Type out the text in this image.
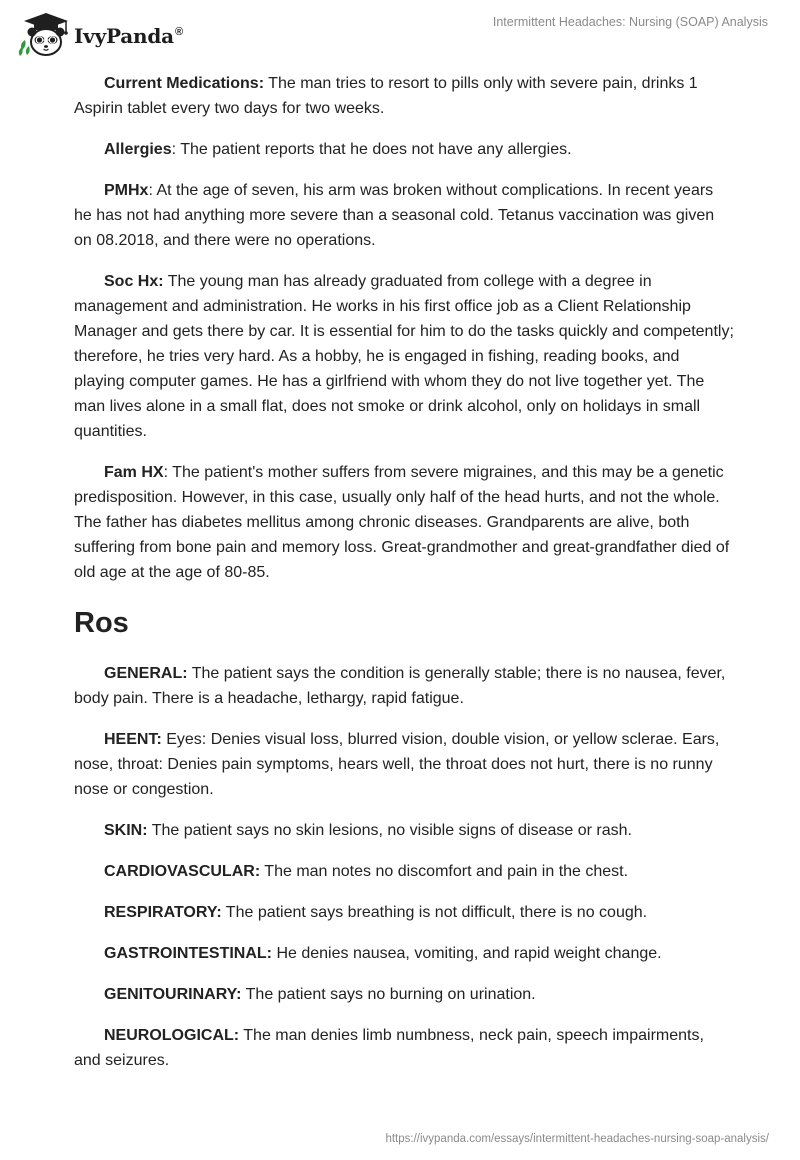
IvyPanda®
Intermittent Headaches: Nursing (SOAP) Analysis

Current Medications: The man tries to resort to pills only with severe pain, drinks 1 Aspirin tablet every two days for two weeks.

Allergies: The patient reports that he does not have any allergies.

PMHx: At the age of seven, his arm was broken without complications. In recent years he has not had anything more severe than a seasonal cold. Tetanus vaccination was given on 08.2018, and there were no operations.

Soc Hx: The young man has already graduated from college with a degree in management and administration. He works in his first office job as a Client Relationship Manager and gets there by car. It is essential for him to do the tasks quickly and competently; therefore, he tries very hard. As a hobby, he is engaged in fishing, reading books, and playing computer games. He has a girlfriend with whom they do not live together yet. The man lives alone in a small flat, does not smoke or drink alcohol, only on holidays in small quantities.

Fam HX: The patient's mother suffers from severe migraines, and this may be a genetic predisposition. However, in this case, usually only half of the head hurts, and not the whole. The father has diabetes mellitus among chronic diseases. Grandparents are alive, both suffering from bone pain and memory loss. Great-grandmother and great-grandfather died of old age at the age of 80-85.

Ros

GENERAL: The patient says the condition is generally stable; there is no nausea, fever, body pain. There is a headache, lethargy, rapid fatigue.

HEENT: Eyes: Denies visual loss, blurred vision, double vision, or yellow sclerae. Ears, nose, throat: Denies pain symptoms, hears well, the throat does not hurt, there is no runny nose or congestion.

SKIN: The patient says no skin lesions, no visible signs of disease or rash.

CARDIOVASCULAR: The man notes no discomfort and pain in the chest.

RESPIRATORY: The patient says breathing is not difficult, there is no cough.

GASTROINTESTINAL: He denies nausea, vomiting, and rapid weight change.

GENITOURINARY: The patient says no burning on urination.

NEUROLOGICAL: The man denies limb numbness, neck pain, speech impairments, and seizures.

https://ivypanda.com/essays/intermittent-headaches-nursing-soap-analysis/
